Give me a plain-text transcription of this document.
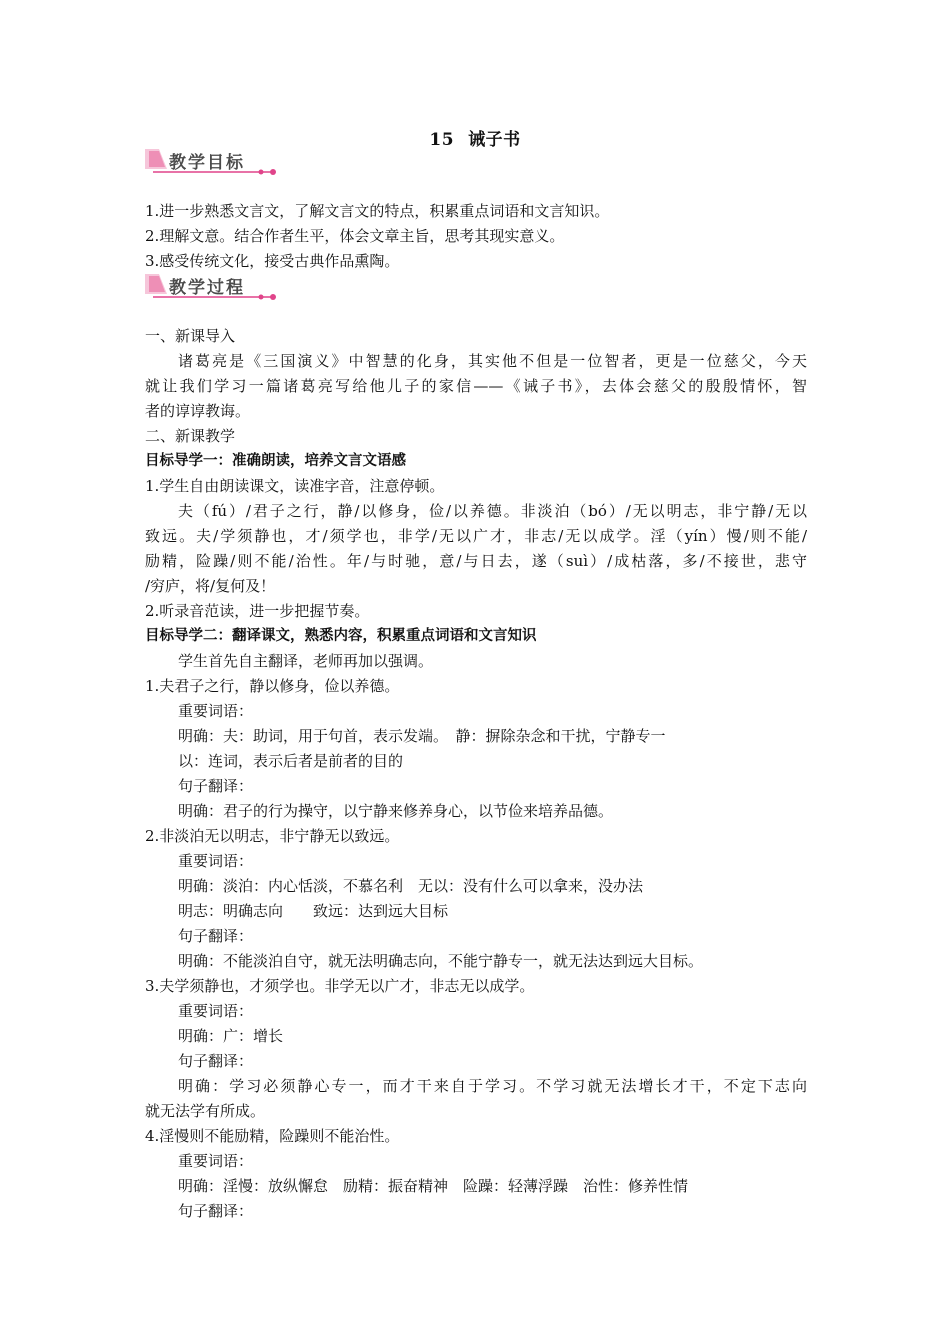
15 诫子书
教学目标
教学过程
1.进一步熟悉文言文，了解文言文的特点，积累重点词语和文言知识。
2.理解文意。结合作者生平，体会文章主旨，思考其现实意义。
3.感受传统文化，接受古典作品熏陶。
一、新课导入
诸葛亮是《三国演义》中智慧的化身，其实他不但是一位智者，更是一位慈父，今天
就让我们学习一篇诸葛亮写给他儿子的家信——《诫子书》，去体会慈父的殷殷情怀，智
者的谆谆教诲。
二、新课教学
目标导学一：准确朗读，培养文言文语感
1.学生自由朗读课文，读准字音，注意停顿。
夫（fú）/君子之行，静/以修身，俭/以养德。非淡泊（bó）/无以明志，非宁静/无以
致远。夫/学须静也，才/须学也，非学/无以广才，非志/无以成学。淫（yín）慢/则不能/
励精，险躁/则不能/治性。年/与时驰，意/与日去，遂（suì）/成枯落，多/不接世，悲守
/穷庐，将/复何及！
2.听录音范读，进一步把握节奏。
目标导学二：翻译课文，熟悉内容，积累重点词语和文言知识
学生首先自主翻译，老师再加以强调。
1.夫君子之行，静以修身，俭以养德。
重要词语：
明确：夫：助词，用于句首，表示发端。　静：摒除杂念和干扰，宁静专一
以：连词，表示后者是前者的目的
句子翻译：
明确：君子的行为操守，以宁静来修养身心，以节俭来培养品德。
2.非淡泊无以明志，非宁静无以致远。
重要词语：
明确：淡泊：内心恬淡，不慕名利　无以：没有什么可以拿来，没办法
明志：明确志向　　致远：达到远大目标
句子翻译：
明确：不能淡泊自守，就无法明确志向，不能宁静专一，就无法达到远大目标。
3.夫学须静也，才须学也。非学无以广才，非志无以成学。
重要词语：
明确：广：增长
句子翻译：
明确：学习必须静心专一，而才干来自于学习。不学习就无法增长才干，不定下志向
就无法学有所成。
4.淫慢则不能励精，险躁则不能治性。
重要词语：
明确：淫慢：放纵懈怠　励精：振奋精神　险躁：轻薄浮躁　治性：修养性情
句子翻译：
